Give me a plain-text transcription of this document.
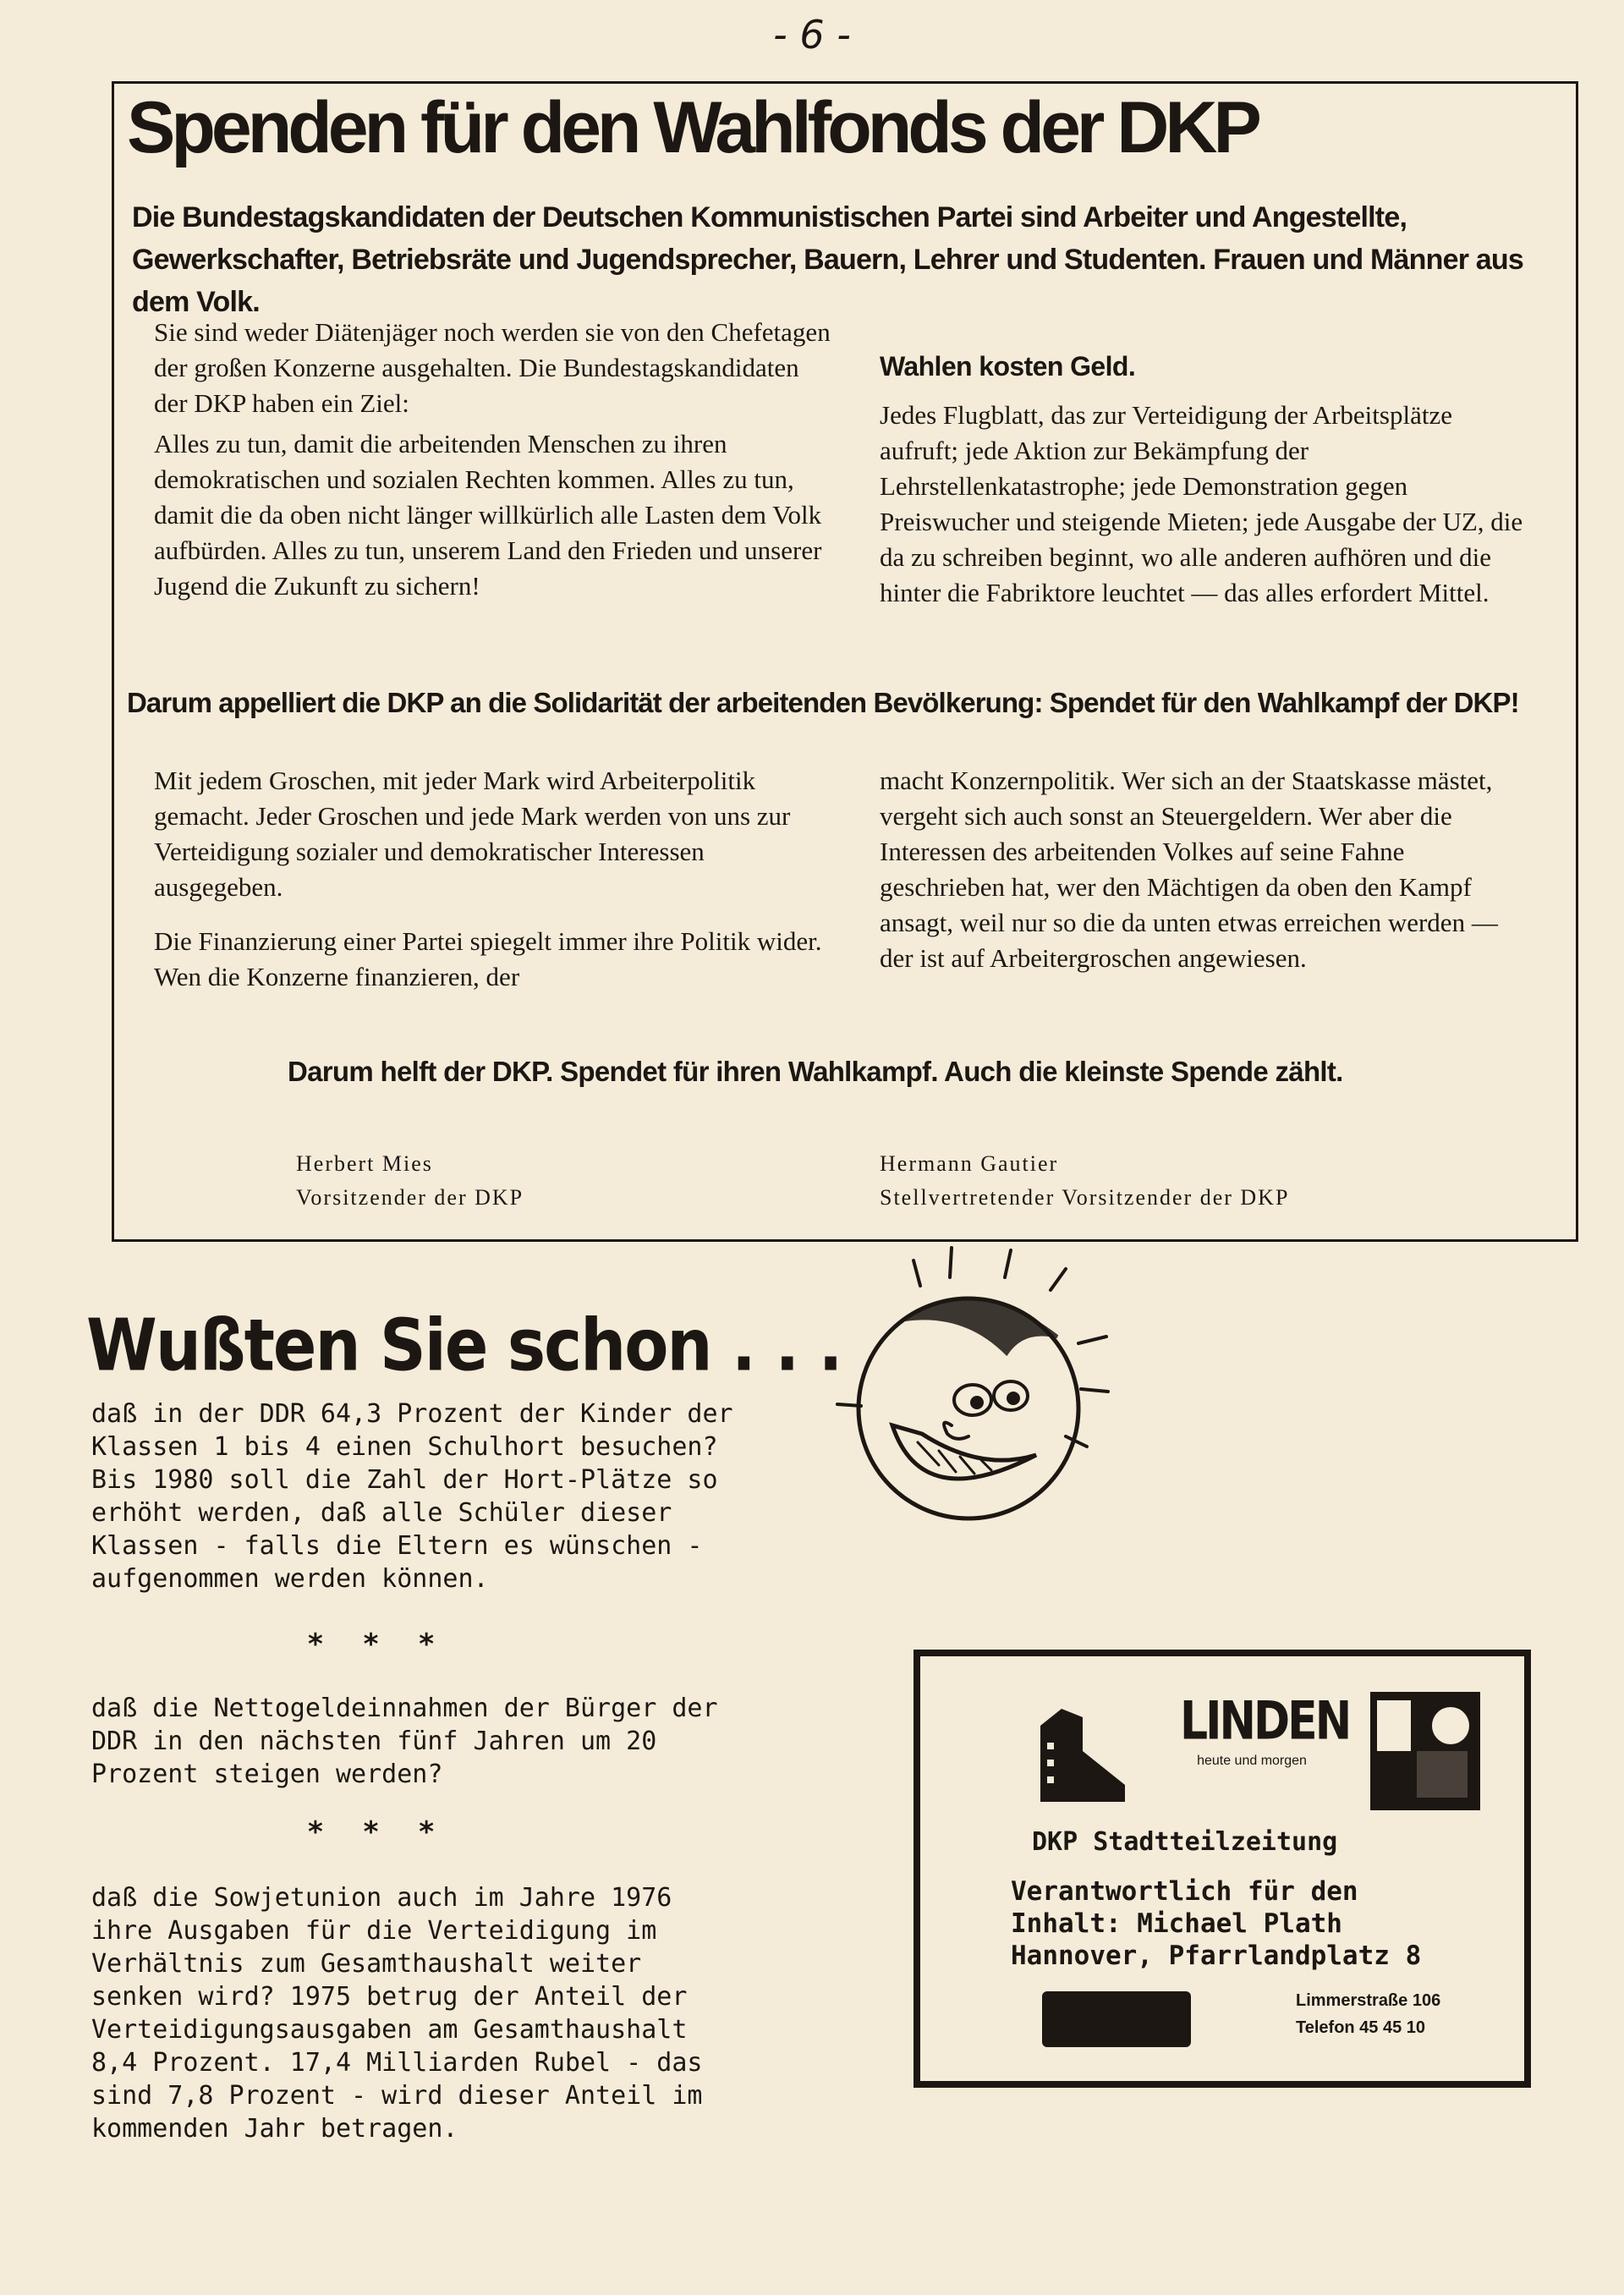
- 6 -
Spenden für den Wahlfonds der DKP
Die Bundestagskandidaten der Deutschen Kommunistischen Partei sind Arbeiter und Angestellte, Gewerkschafter, Betriebsräte und Jugendsprecher, Bauern, Lehrer und Studenten. Frauen und Männer aus dem Volk.

Sie sind weder Diätenjäger noch werden sie von den Chefetagen der großen Konzerne ausgehalten. Die Bundestagskandidaten der DKP haben ein Ziel:

Alles zu tun, damit die arbeitenden Menschen zu ihren demokratischen und sozialen Rechten kommen. Alles zu tun, damit die da oben nicht länger willkürlich alle Lasten dem Volk aufbürden. Alles zu tun, unserem Land den Frieden und unserer Jugend die Zukunft zu sichern!

Wahlen kosten Geld.

Jedes Flugblatt, das zur Verteidigung der Arbeitsplätze aufruft; jede Aktion zur Bekämpfung der Lehrstellenkatastrophe; jede Demonstration gegen Preiswucher und steigende Mieten; jede Ausgabe der UZ, die da zu schreiben beginnt, wo alle anderen aufhören und die hinter die Fabriktore leuchtet — das alles erfordert Mittel.

Darum appelliert die DKP an die Solidarität der arbeitenden Bevölkerung: Spendet für den Wahlkampf der DKP!

Mit jedem Groschen, mit jeder Mark wird Arbeiterpolitik gemacht. Jeder Groschen und jede Mark werden von uns zur Verteidigung sozialer und demokratischer Interessen ausgegeben.

Die Finanzierung einer Partei spiegelt immer ihre Politik wider. Wen die Konzerne finanzieren, der

macht Konzernpolitik. Wer sich an der Staatskasse mästet, vergeht sich auch sonst an Steuergeldern. Wer aber die Interessen des arbeitenden Volkes auf seine Fahne geschrieben hat, wer den Mächtigen da oben den Kampf ansagt, weil nur so die da unten etwas erreichen werden — der ist auf Arbeitergroschen angewiesen.

Darum helft der DKP. Spendet für ihren Wahlkampf. Auch die kleinste Spende zählt.
Herbert Mies
Vorsitzender der DKP
Hermann Gautier
Stellvertretender Vorsitzender der DKP
Wußten Sie schon . . .
daß in der DDR 64,3 Prozent der Kinder der
Klassen 1 bis 4 einen Schulhort besuchen?
Bis 1980 soll die Zahl der Hort-Plätze so
erhöht werden, daß alle Schüler dieser
Klassen - falls die Eltern es wünschen -
aufgenommen werden können.
* * *
daß die Nettogeldeinnahmen der Bürger der
DDR in den nächsten fünf Jahren um 20
Prozent steigen werden?
* * *
daß die Sowjetunion auch im Jahre 1976
ihre Ausgaben für die Verteidigung im
Verhältnis zum Gesamthaushalt weiter
senken wird? 1975 betrug der Anteil der
Verteidigungsausgaben am Gesamthaushalt
8,4 Prozent. 17,4 Milliarden Rubel - das
sind 7,8 Prozent - wird dieser Anteil im
kommenden Jahr betragen.
LINDEN
heute und morgen
DKP Stadtteilzeitung
Verantwortlich für den
Inhalt: Michael Plath
Hannover, Pfarrlandplatz 8
Limmerstraße 106
Telefon 45 45 10
